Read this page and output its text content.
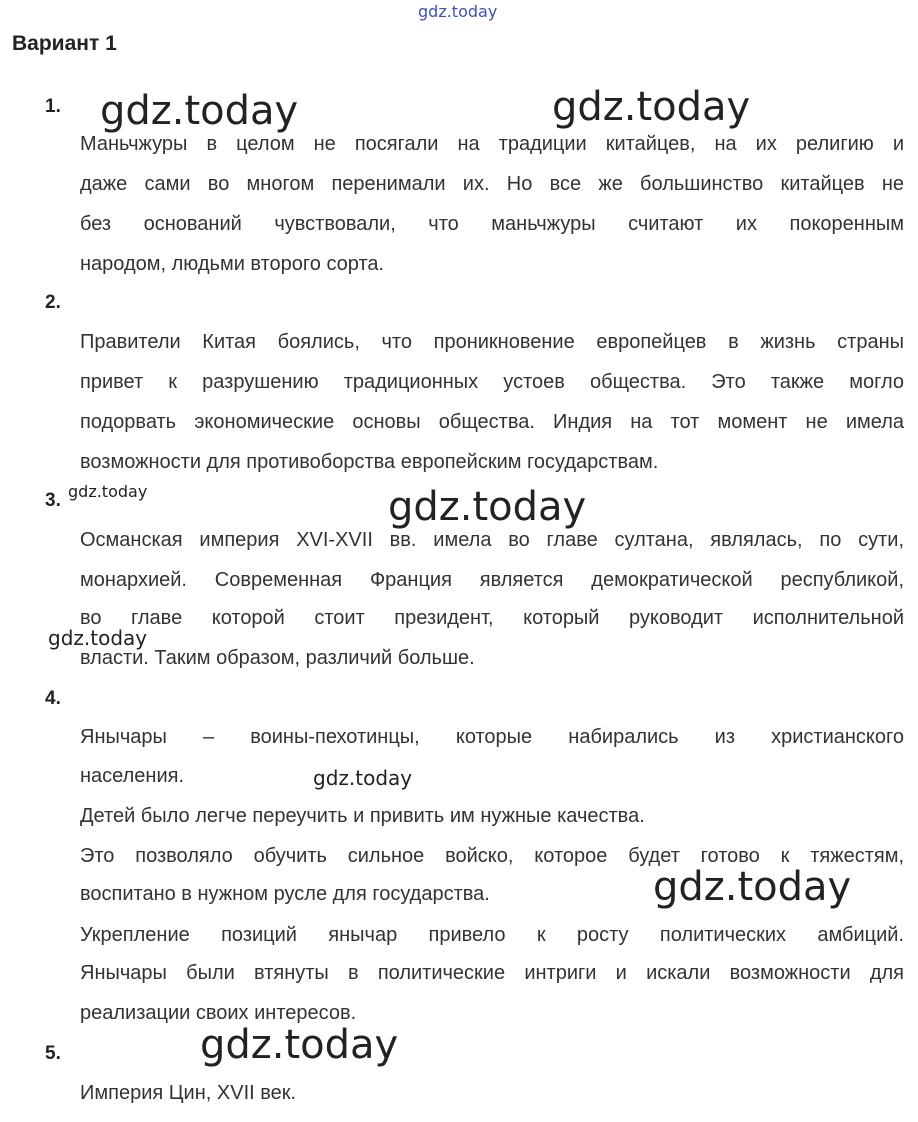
gdz.today
gdz.today	gdz.today
gdz.today	gdz.today
gdz.today
gdz.today
gdz.today
gdz.today
Вариант 1
1.
Маньчжуры в целом не посягали на традиции китайцев, на их религию и
даже сами во многом перенимали их. Но все же большинство китайцев не
без оснований чувствовали, что маньчжуры считают их покоренным
народом, людьми второго сорта.
2.
Правители Китая боялись, что проникновение европейцев в жизнь страны
привет к разрушению традиционных устоев общества. Это также могло
подорвать экономические основы общества. Индия на тот момент не имела
возможности для противоборства европейским государствам.
3.
Османская империя XVI-XVII вв. имела во главе султана, являлась, по сути,
монархией. Современная Франция является демократической республикой,
во главе которой стоит президент, который руководит исполнительной
власти. Таким образом, различий больше.
4.
Янычары – воины-пехотинцы, которые набирались из христианского
населения.
Детей было легче переучить и привить им нужные качества.
Это позволяло обучить сильное войско, которое будет готово к тяжестям,
воспитано в нужном русле для государства.
Укрепление позиций янычар привело к росту политических амбиций.
Янычары были втянуты в политические интриги и искали возможности для
реализации своих интересов.
5.
Империя Цин, XVII век.
